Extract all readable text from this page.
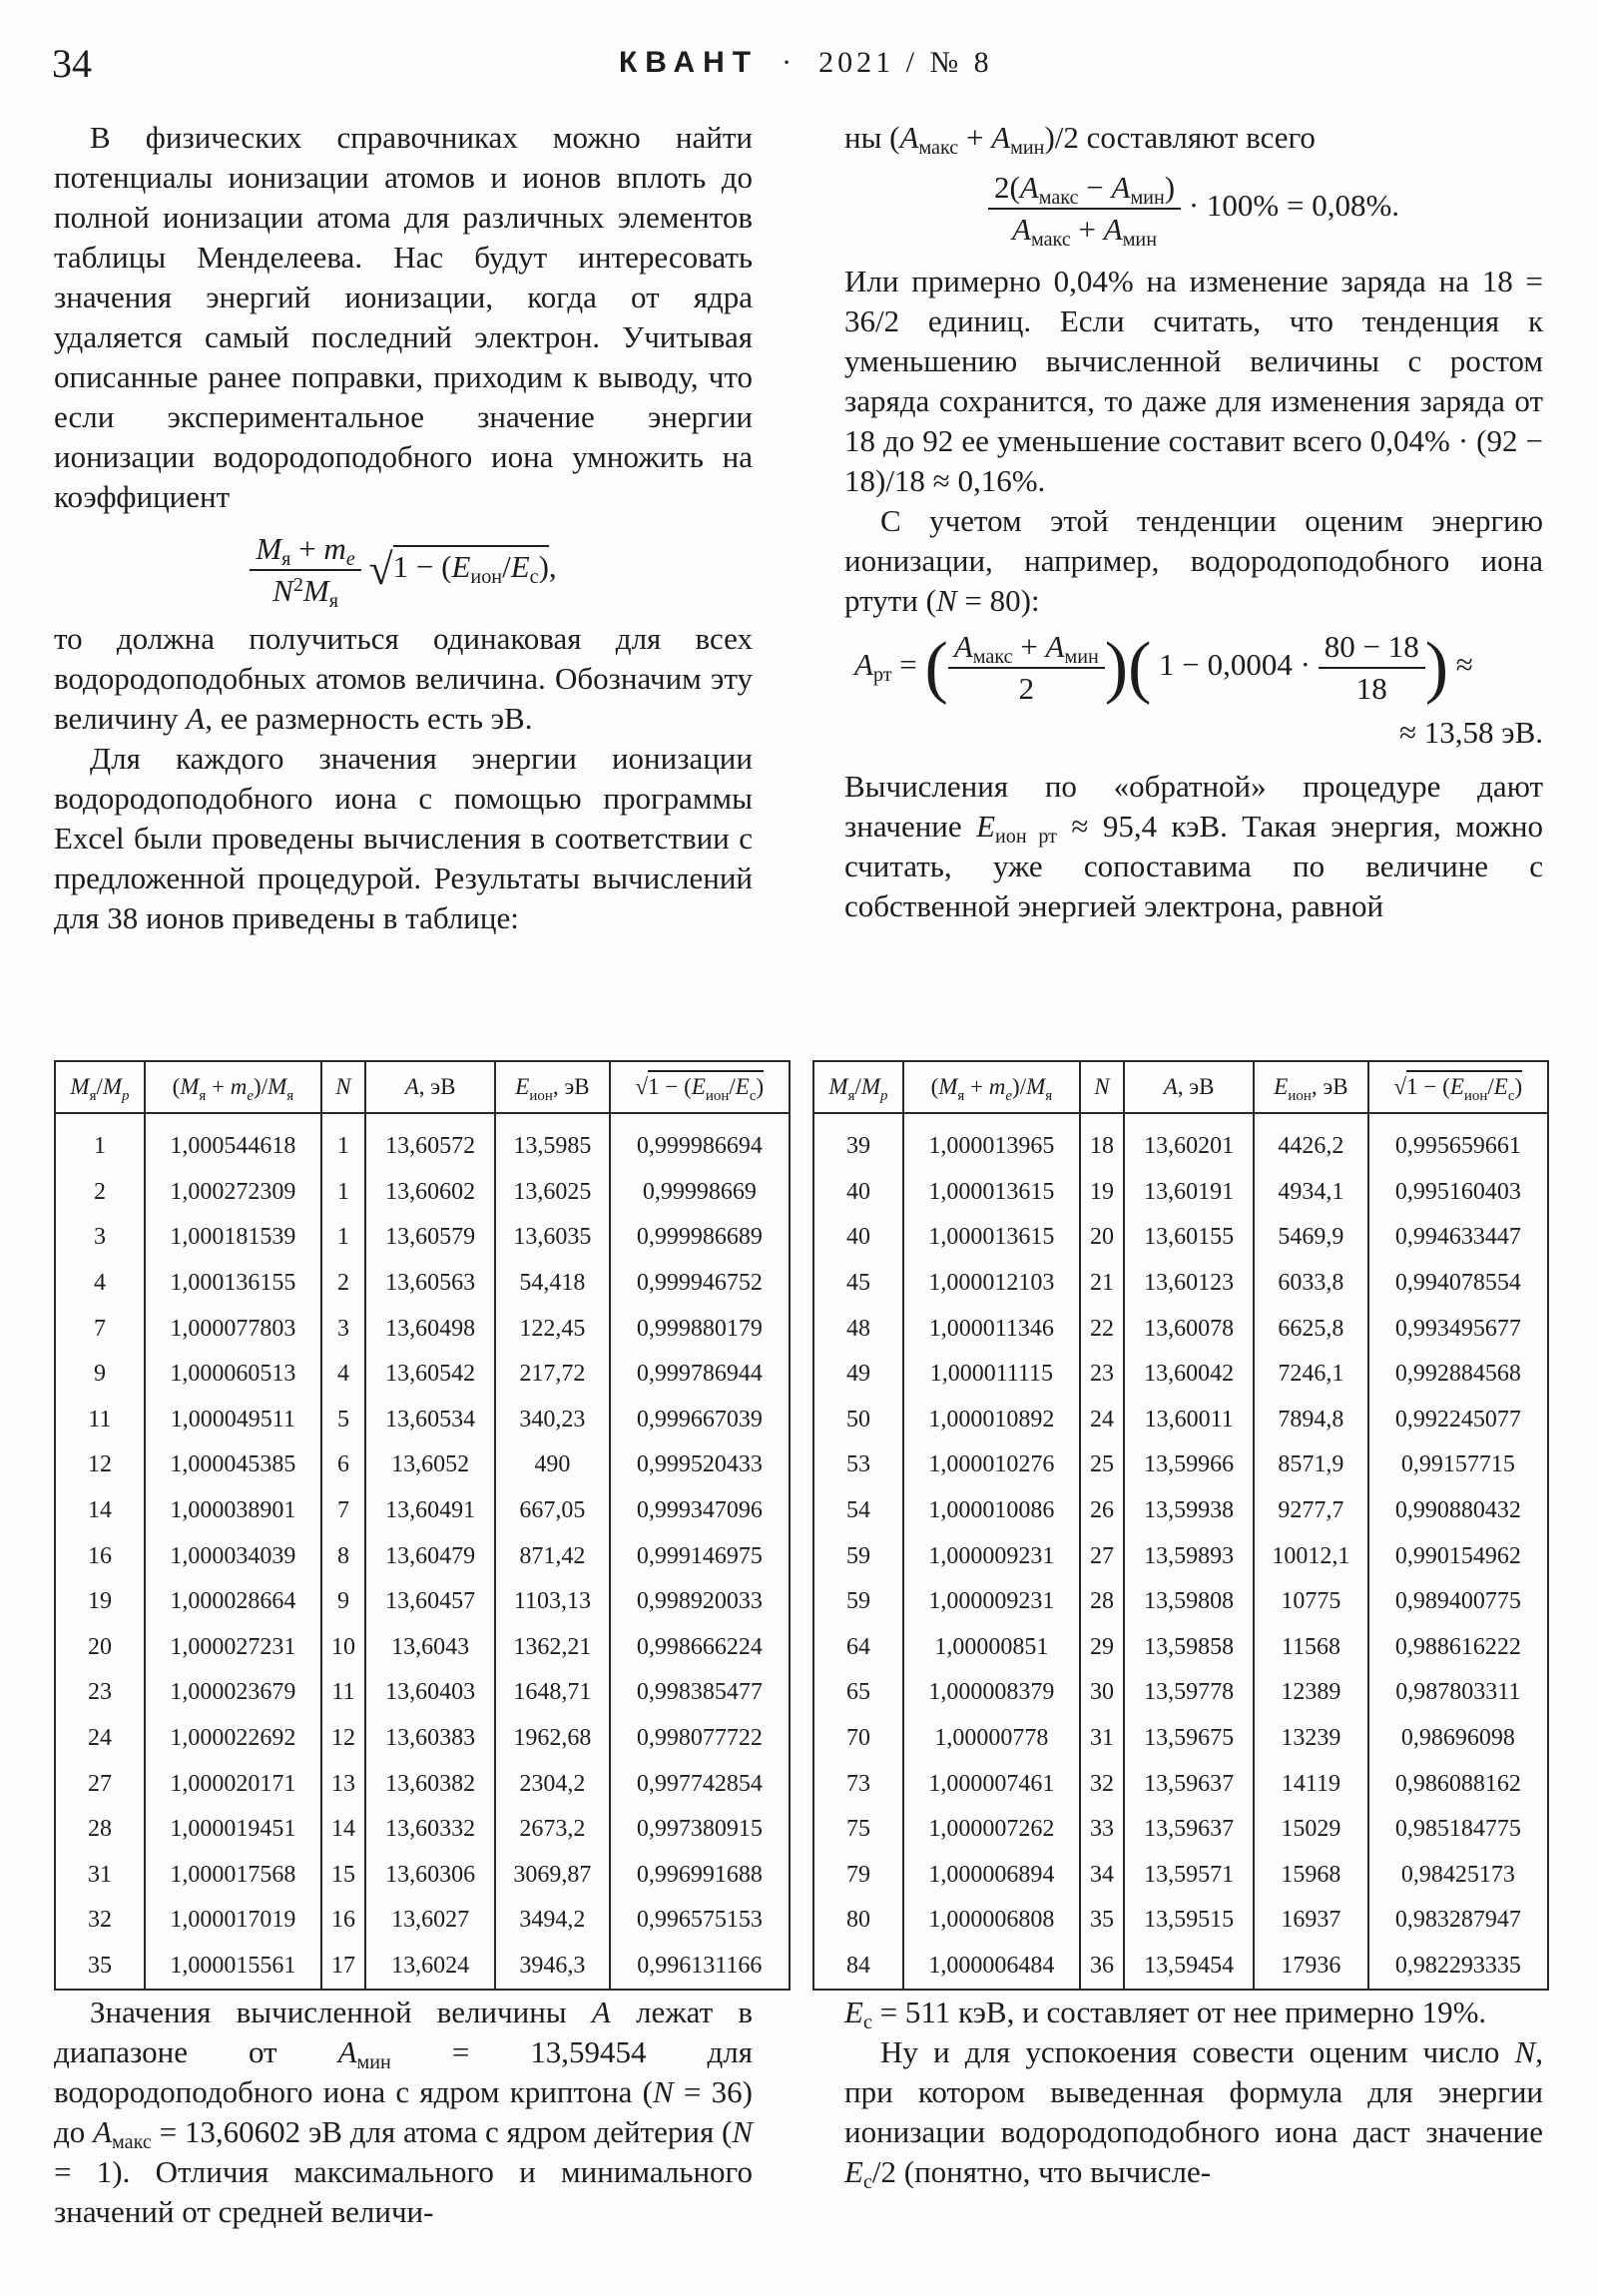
34	КВАНТ · 2021 / № 8

В физических справочниках можно найти потенциалы ионизации атомов и ионов вплоть до полной ионизации атома для различных элементов таблицы Менделеева. Нас будут интересовать значения энергий ионизации, когда от ядра удаляется самый последний электрон. Учитывая описанные ранее поправки, приходим к выводу, что если экспериментальное значение энергии ионизации водородоподобного иона умножить на коэффициент

$\frac{M_я + m_e}{N^2M_я} √1 - (E_{ион}/E_c)$,

то должна получиться одинаковая для всех водородоподобных атомов величина. Обозначим эту величину A, ее размерность есть эВ.

Для каждого значения энергии ионизации водородоподобного иона с помощью программы Excel были проведены вычисления в соответствии с предложенной процедурой. Результаты вычислений для 38 ионов приведены в таблице:

ны $(A_{макс} + A_{мин})/2$ составляют всего

$\frac{2(A_{макс} - A_{мин})}{A_{макс} + A_{мин}} \cdot 100\% = 0,08\%$.

Или примерно 0,04% на изменение заряда на 18 = 36/2 единиц. Если считать, что тенденция к уменьшению вычисленной величины с ростом заряда сохранится, то даже для изменения заряда от 18 до 92 ее уменьшение составит всего 0,04% · (92 − 18)/18 ≈ 0,16%.

С учетом этой тенденции оценим энергию ионизации, например, водородоподобного иона ртути (N = 80):

$A_{рт}$ = ( $\frac{A_{макс} + A_{мин}}{2}$ )( $1 - 0,0004 \cdot \frac{80 - 18}{18}$ ) ≈
≈ 13,58 эВ.

Вычисления по «обратной» процедуре дают значение $E_{ион рт} \approx 95,4$ кэВ. Такая энергия, можно считать, уже сопоставима по величине с собственной энергией электрона, равной

$M_я/M_p$	$(M_я + m_e)/M_я$	N	A, эВ	$E_{ион}$, эВ	$√1 - (E_{ион}/E_c)$
1	1,000544618	1	13,60572	13,5985	0,999986694
2	1,000272309	1	13,60602	13,6025	0,99998669
3	1,000181539	1	13,60579	13,6035	0,999986689
4	1,000136155	2	13,60563	54,418	0,999946752
7	1,000077803	3	13,60498	122,45	0,999880179
9	1,000060513	4	13,60542	217,72	0,999786944
11	1,000049511	5	13,60534	340,23	0,999667039
12	1,000045385	6	13,6052	490	0,999520433
14	1,000038901	7	13,60491	667,05	0,999347096
16	1,000034039	8	13,60479	871,42	0,999146975
19	1,000028664	9	13,60457	1103,13	0,998920033
20	1,000027231	10	13,6043	1362,21	0,998666224
23	1,000023679	11	13,60403	1648,71	0,998385477
24	1,000022692	12	13,60383	1962,68	0,998077722
27	1,000020171	13	13,60382	2304,2	0,997742854
28	1,000019451	14	13,60332	2673,2	0,997380915
31	1,000017568	15	13,60306	3069,87	0,996991688
32	1,000017019	16	13,6027	3494,2	0,996575153
35	1,000015561	17	13,6024	3946,3	0,996131166
$M_я/M_p$	$(M_я + m_e)/M_я$	N	A, эВ	$E_{ион}$, эВ	$√1 - (E_{ион}/E_c)$
39	1,000013965	18	13,60201	4426,2	0,995659661
40	1,000013615	19	13,60191	4934,1	0,995160403
40	1,000013615	20	13,60155	5469,9	0,994633447
45	1,000012103	21	13,60123	6033,8	0,994078554
48	1,000011346	22	13,60078	6625,8	0,993495677
49	1,000011115	23	13,60042	7246,1	0,992884568
50	1,000010892	24	13,60011	7894,8	0,992245077
53	1,000010276	25	13,59966	8571,9	0,99157715
54	1,000010086	26	13,59938	9277,7	0,990880432
59	1,000009231	27	13,59893	10012,1	0,990154962
59	1,000009231	28	13,59808	10775	0,989400775
64	1,00000851	29	13,59858	11568	0,988616222
65	1,000008379	30	13,59778	12389	0,987803311
70	1,00000778	31	13,59675	13239	0,98696098
73	1,000007461	32	13,59637	14119	0,986088162
75	1,000007262	33	13,59637	15029	0,985184775
79	1,000006894	34	13,59571	15968	0,98425173
80	1,000006808	35	13,59515	16937	0,983287947
84	1,000006484	36	13,59454	17936	0,982293335

Значения вычисленной величины A лежат в диапазоне от $A_{мин} = 13,59454$ для водородоподобного иона с ядром криптона (N = 36) до $A_{макс} = 13,60602$ эВ для атома с ядром дейтерия (N = 1). Отличия максимального и минимального значений от средней величи-

$E_c = 511$ кэВ, и составляет от нее примерно 19%.

Ну и для успокоения совести оценим число N, при котором выведенная формула для энергии ионизации водородоподобного иона даст значение $E_c/2$ (понятно, что вычисле-
